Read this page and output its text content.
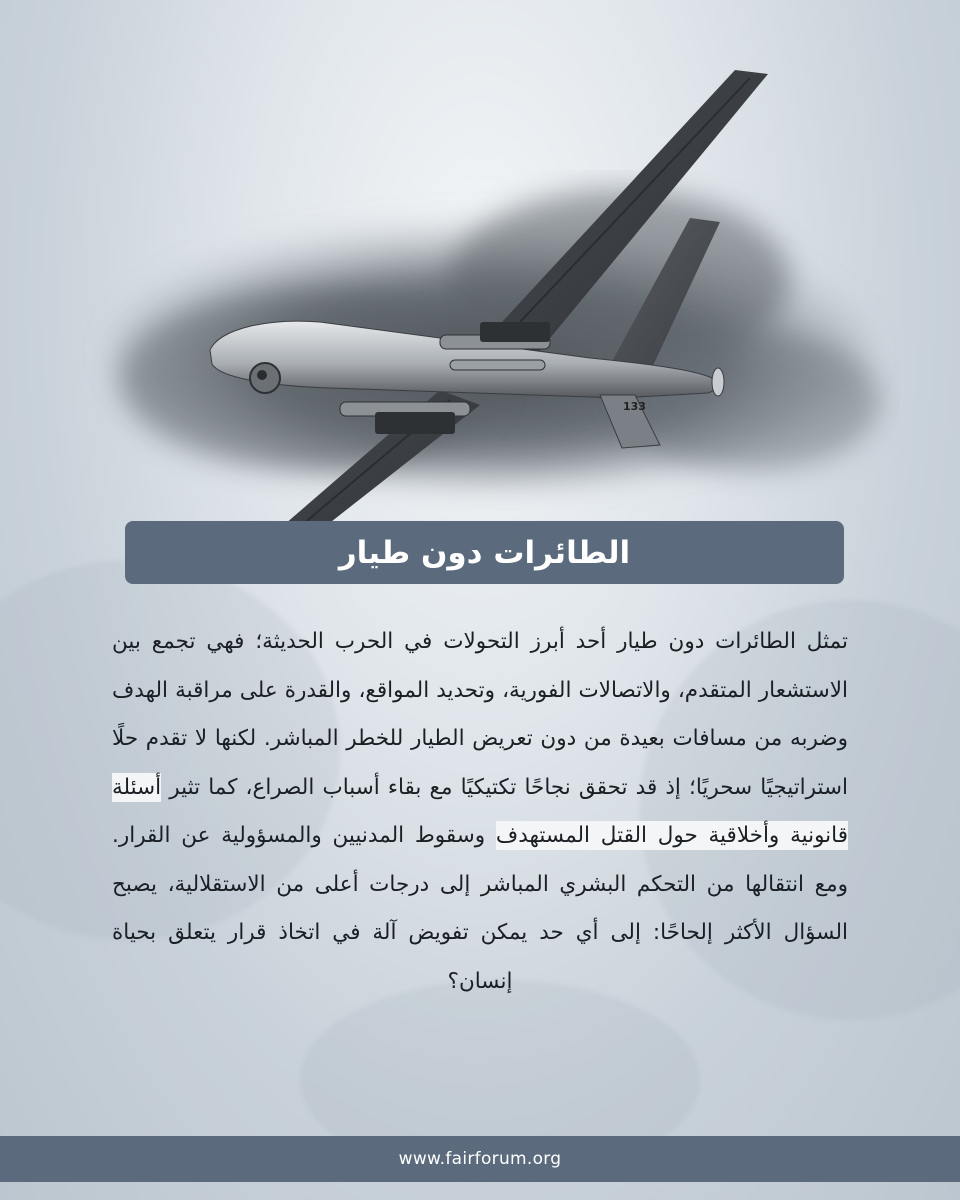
133
الطائرات دون طيار
تمثل الطائرات دون طيار أحد أبرز التحولات في الحرب الحديثة؛ فهي تجمع بين الاستشعار المتقدم، والاتصالات الفورية، وتحديد المواقع، والقدرة على مراقبة الهدف وضربه من مسافات بعيدة من دون تعريض الطيار للخطر المباشر. لكنها لا تقدم حلًا استراتيجيًا سحريًا؛ إذ قد تحقق نجاحًا تكتيكيًا مع بقاء أسباب الصراع، كما تثير أسئلة قانونية وأخلاقية حول القتل المستهدف وسقوط المدنيين والمسؤولية عن القرار. ومع انتقالها من التحكم البشري المباشر إلى درجات أعلى من الاستقلالية، يصبح السؤال الأكثر إلحاحًا: إلى أي حد يمكن تفويض آلة في اتخاذ قرار يتعلق بحياة إنسان؟
www.fairforum.org
